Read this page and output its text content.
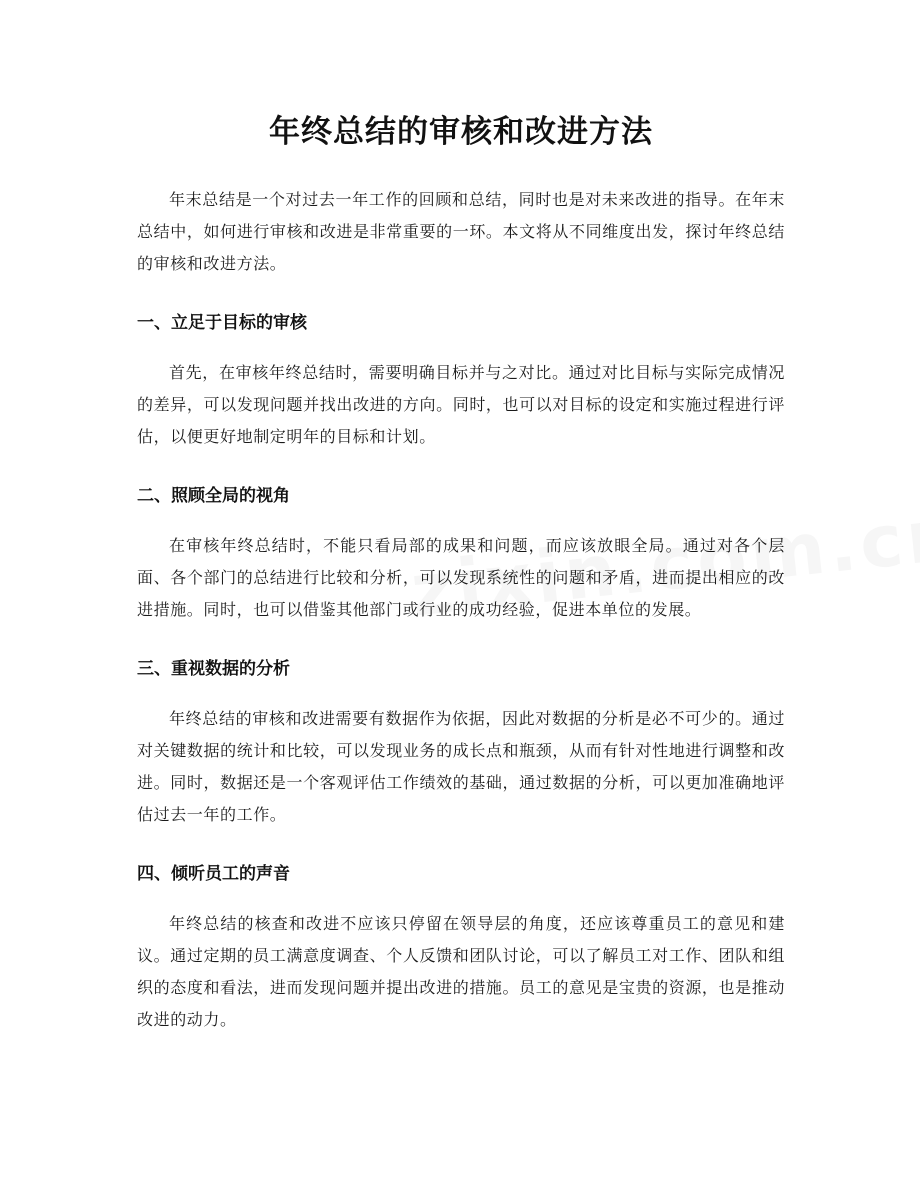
年终总结的审核和改进方法

年末总结是一个对过去一年工作的回顾和总结，同时也是对未来改进的指导。在年末总结中，如何进行审核和改进是非常重要的一环。本文将从不同维度出发，探讨年终总结的审核和改进方法。

一、立足于目标的审核

首先，在审核年终总结时，需要明确目标并与之对比。通过对比目标与实际完成情况的差异，可以发现问题并找出改进的方向。同时，也可以对目标的设定和实施过程进行评估，以便更好地制定明年的目标和计划。

二、照顾全局的视角

在审核年终总结时，不能只看局部的成果和问题，而应该放眼全局。通过对各个层面、各个部门的总结进行比较和分析，可以发现系统性的问题和矛盾，进而提出相应的改进措施。同时，也可以借鉴其他部门或行业的成功经验，促进本单位的发展。

三、重视数据的分析

年终总结的审核和改进需要有数据作为依据，因此对数据的分析是必不可少的。通过对关键数据的统计和比较，可以发现业务的成长点和瓶颈，从而有针对性地进行调整和改进。同时，数据还是一个客观评估工作绩效的基础，通过数据的分析，可以更加准确地评估过去一年的工作。

四、倾听员工的声音

年终总结的核查和改进不应该只停留在领导层的角度，还应该尊重员工的意见和建议。通过定期的员工满意度调查、个人反馈和团队讨论，可以了解员工对工作、团队和组织的态度和看法，进而发现问题并提出改进的措施。员工的意见是宝贵的资源，也是推动改进的动力。
